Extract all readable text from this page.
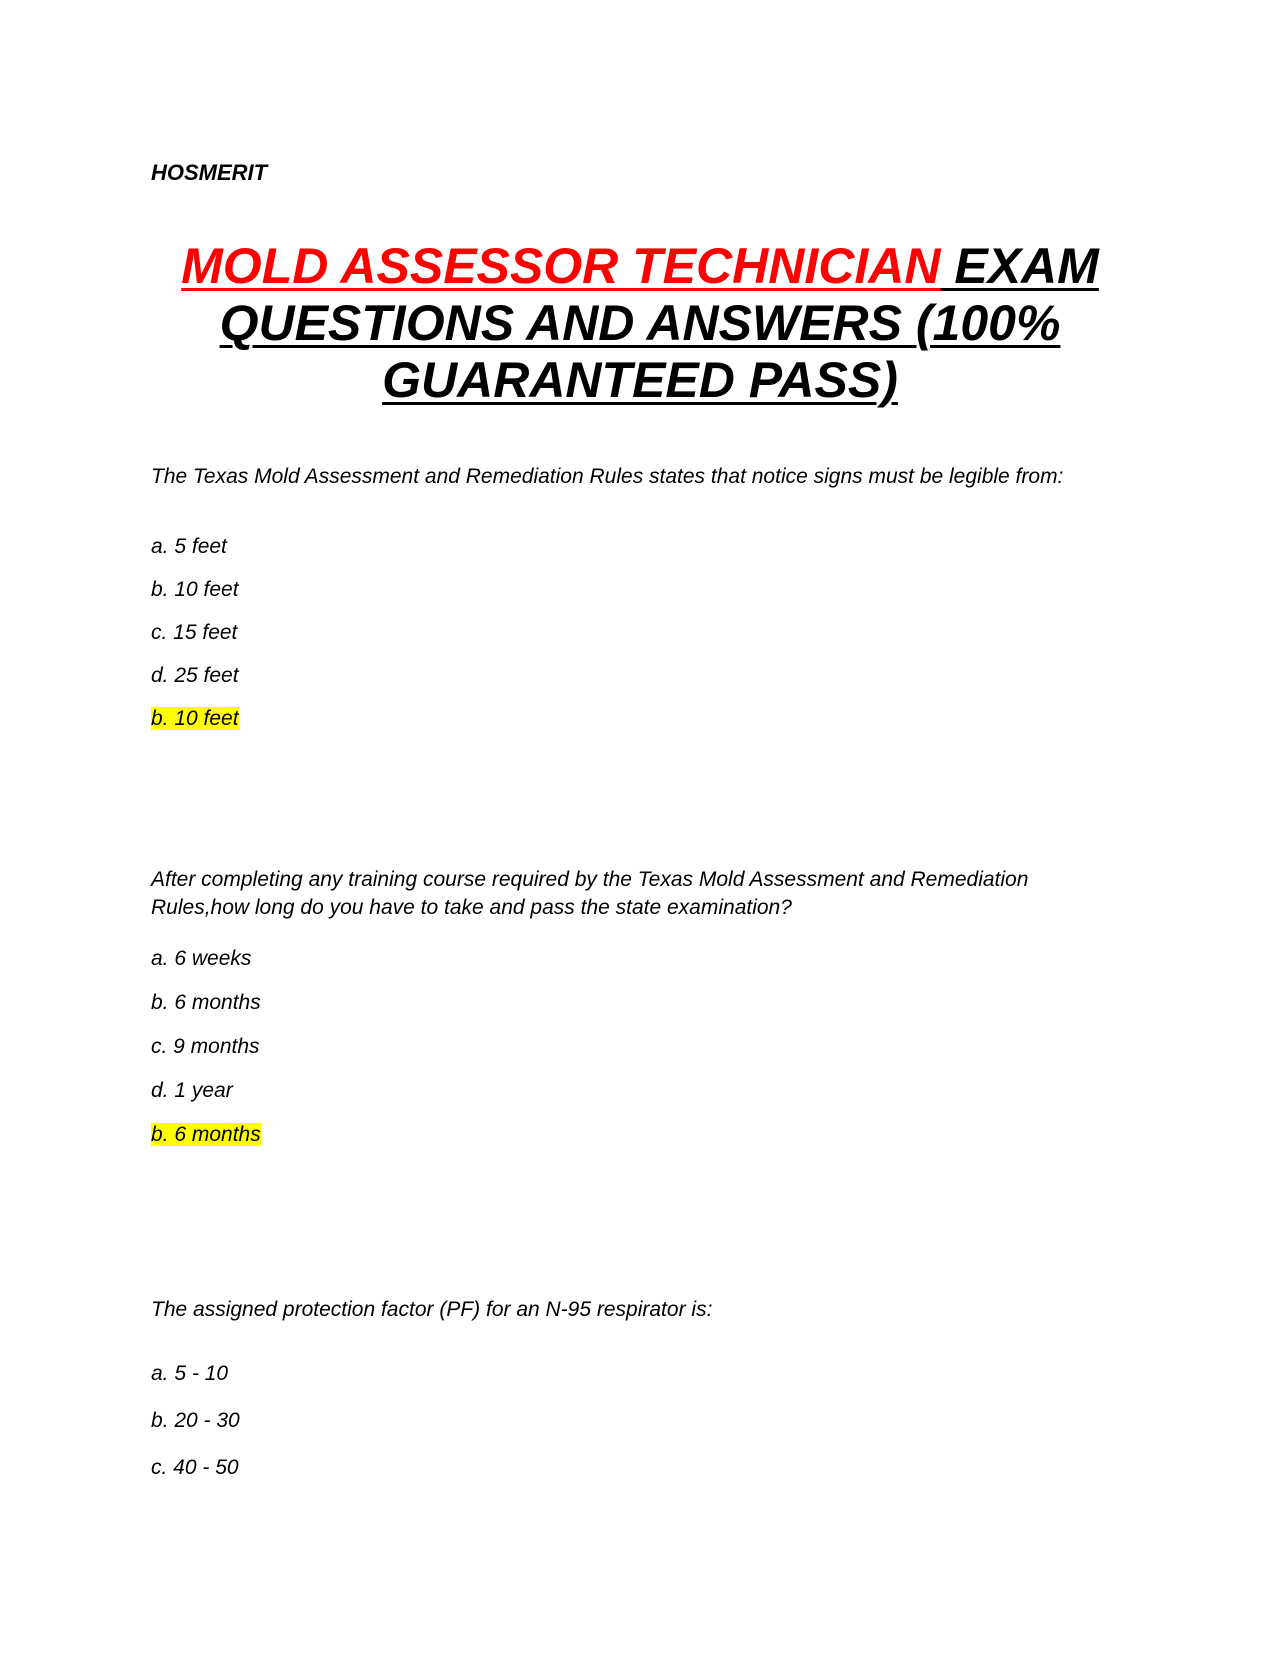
HOSMERIT
MOLD ASSESSOR TECHNICIAN EXAM
QUESTIONS AND ANSWERS (100%
GUARANTEED PASS)
The Texas Mold Assessment and Remediation Rules states that notice signs must be legible from:
a. 5 feet
b. 10 feet
c. 15 feet
d. 25 feet
b. 10 feet
After completing any training course required by the Texas Mold Assessment and Remediation Rules,how long do you have to take and pass the state examination?
a. 6 weeks
b. 6 months
c. 9 months
d. 1 year
b. 6 months
The assigned protection factor (PF) for an N-95 respirator is:
a. 5 - 10
b. 20 - 30
c. 40 - 50
